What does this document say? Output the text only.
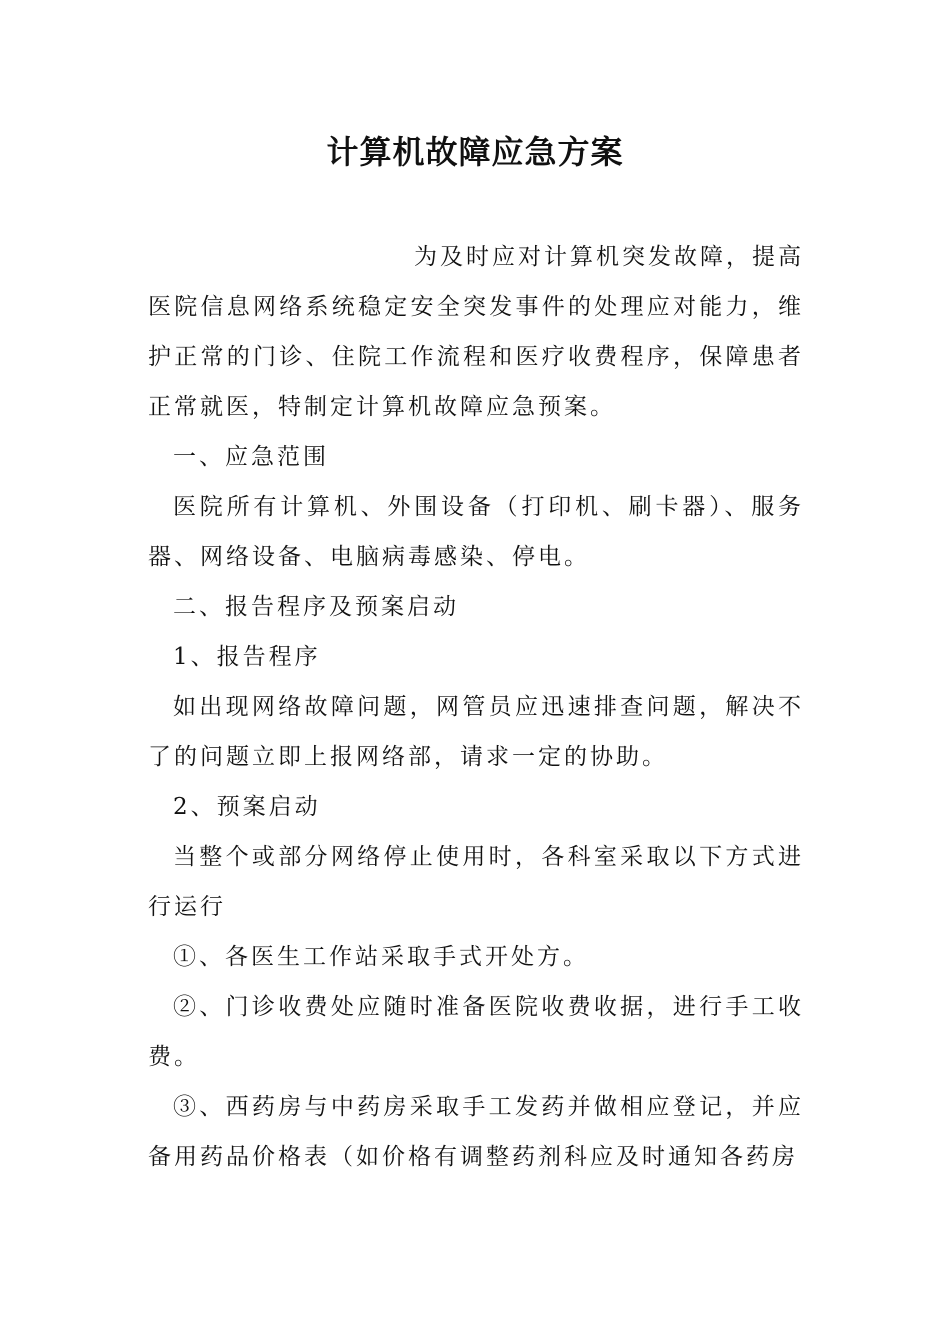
计算机故障应急方案

为及时应对计算机突发故障，提高医院信息网络系统稳定安全突发事件的处理应对能力，维护正常的门诊、住院工作流程和医疗收费程序，保障患者正常就医，特制定计算机故障应急预案。

一、应急范围

医院所有计算机、外围设备（打印机、刷卡器）、服务器、网络设备、电脑病毒感染、停电。

二、报告程序及预案启动

1、报告程序

如出现网络故障问题，网管员应迅速排查问题，解决不了的问题立即上报网络部，请求一定的协助。

2、预案启动

当整个或部分网络停止使用时，各科室采取以下方式进行运行

①、各医生工作站采取手式开处方。

②、门诊收费处应随时准备医院收费收据，进行手工收费。

③、西药房与中药房采取手工发药并做相应登记，并应备用药品价格表（如价格有调整药剂科应及时通知各药房
